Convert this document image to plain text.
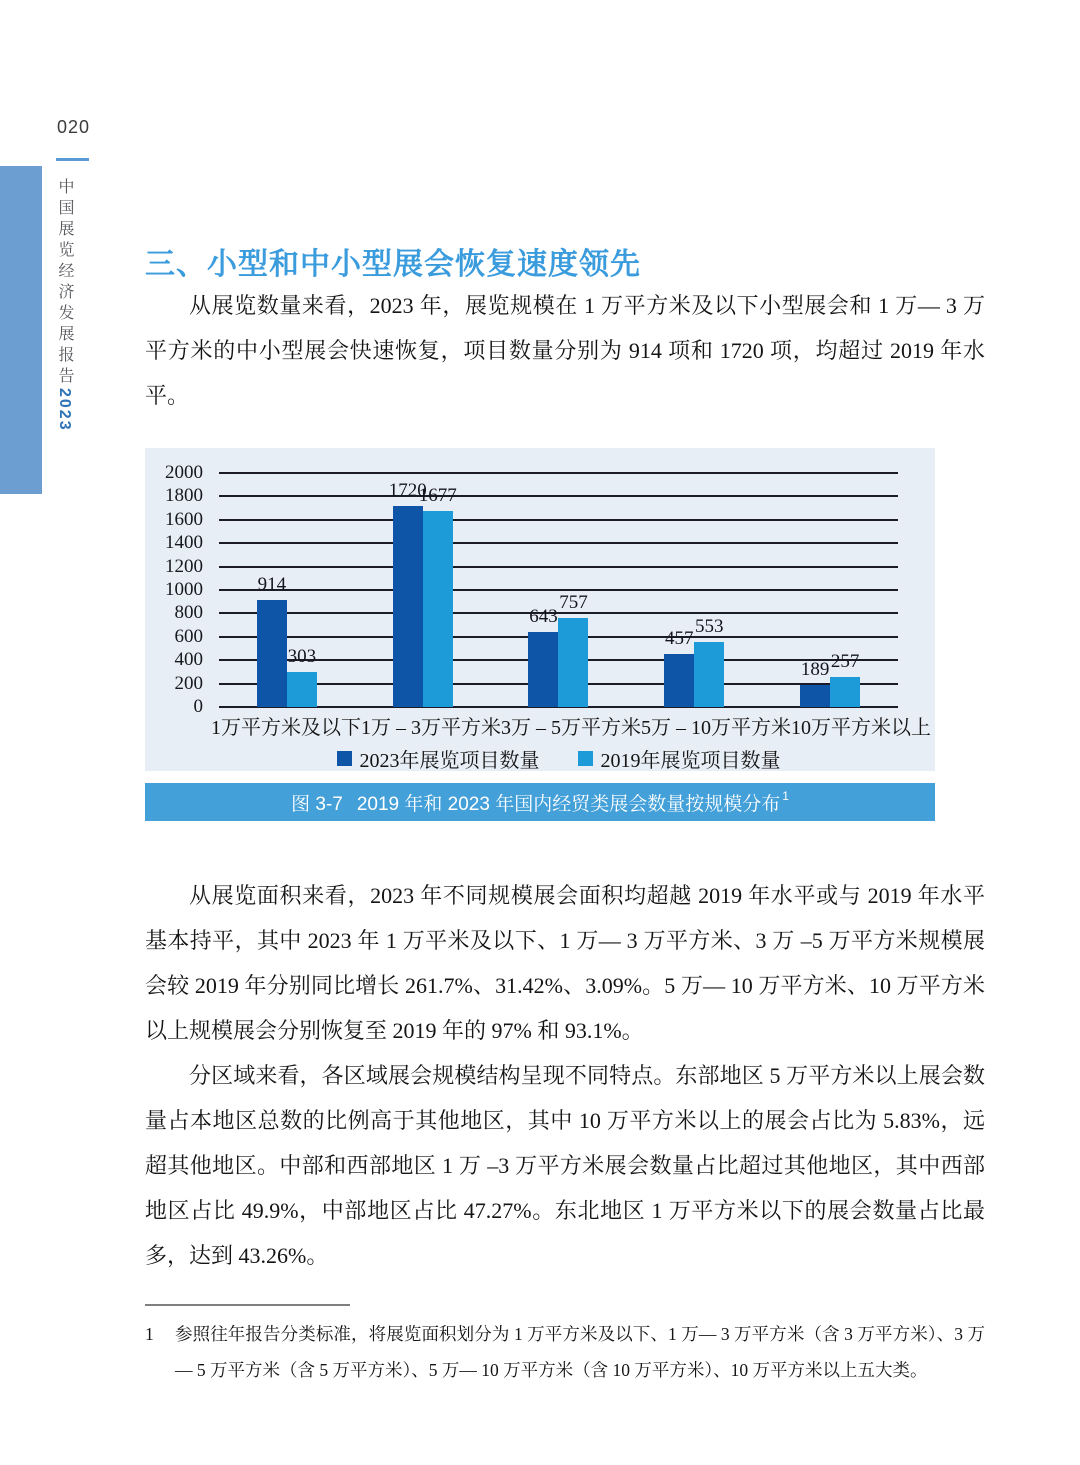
020
中国展览经济发展报告2023
三、小型和中小型展会恢复速度领先

从展览数量来看，2023 年，展览规模在 1 万平方米及以下小型展会和 1 万— 3 万平方米的中小型展会快速恢复，项目数量分别为 914 项和 1720 项，均超过 2019 年水平。

0
200
400
600
800
1000
1200
1400
1600
1800
2000
914
303
1720
1677
643
757
457
553
189 257
1万平方米及以下 1万 – 3万平方米 3万 – 5万平方米 5万 – 10万平方米 10万平方米以上
2023年展览项目数量	2019年展览项目数量
图 3-7 2019 年和 2023 年国内经贸类展会数量按规模分布 $^1$

从展览面积来看，2023 年不同规模展会面积均超越 2019 年水平或与 2019 年水平基本持平，其中 2023 年 1 万平米及以下、1 万— 3 万平方米、3 万 –5 万平方米规模展会较 2019 年分别同比增长 261.7%、31.42%、3.09%。5 万— 10 万平方米、10 万平方米以上规模展会分别恢复至 2019 年的 97% 和 93.1%。

分区域来看，各区域展会规模结构呈现不同特点。东部地区 5 万平方米以上展会数量占本地区总数的比例高于其他地区，其中 10 万平方米以上的展会占比为 5.83%，远超其他地区。中部和西部地区 1 万 –3 万平方米展会数量占比超过其他地区，其中西部地区占比 49.9%，中部地区占比 47.27%。东北地区 1 万平方米以下的展会数量占比最多，达到 43.26%。

1	参照往年报告分类标准，将展览面积划分为 1 万平方米及以下、1 万— 3 万平方米（含 3 万平方米）、3 万— 5 万平方米（含 5 万平方米）、5 万— 10 万平方米（含 10 万平方米）、10 万平方米以上五大类。
